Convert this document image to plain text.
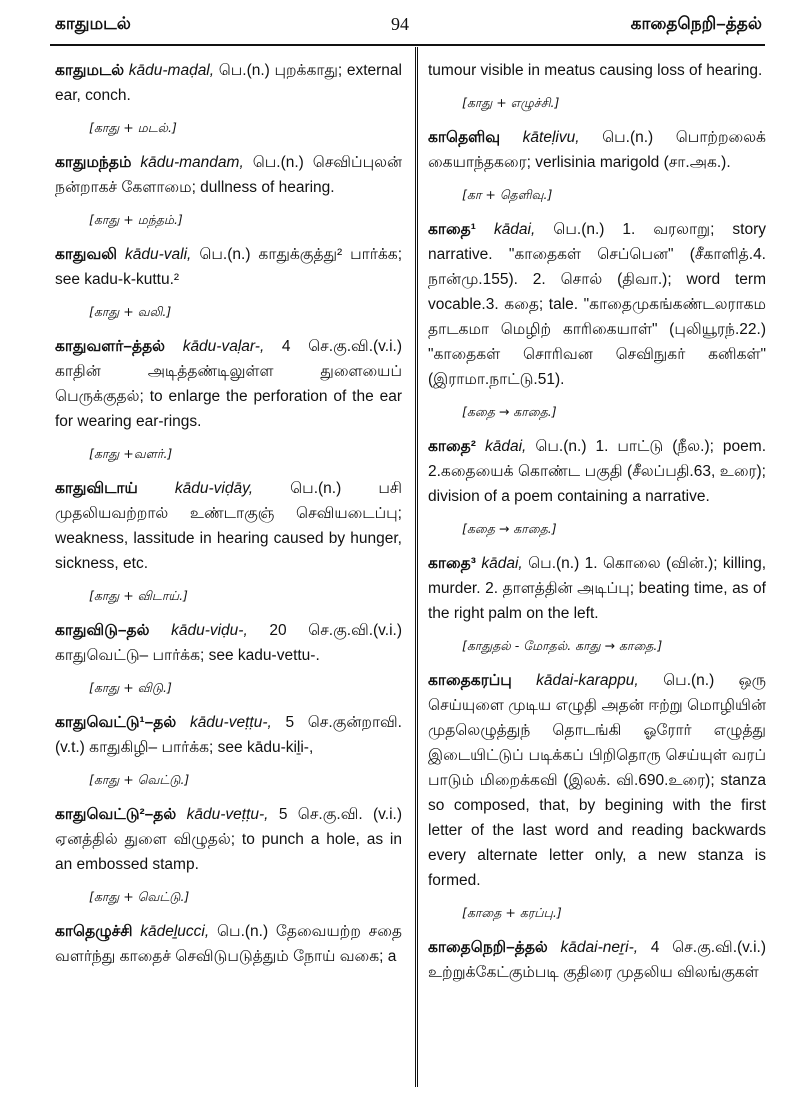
காதுமடல்	94	காதைநெறி–த்தல்
காதுமடல் kādu-maḍal, பெ.(n.) புறக்காது; external ear, conch.
[காது + மடல்.]
காதுமந்தம் kādu-mandam, பெ.(n.) செவிப்புலன் நன்றாகச் கேளாமை; dullness of hearing.
[காது + மந்தம்.]
காதுவலி kādu-vali, பெ.(n.) காதுக்குத்து² பார்க்க; see kadu-k-kuttu.²
[காது + வலி.]
காதுவளர்–த்தல் kādu-vaḷar-, 4 செ.கு.வி.(v.i.) காதின் அடித்தண்டிலுள்ள துளையைப் பெருக்குதல்; to enlarge the perforation of the ear for wearing ear-rings.
[காது +வளர்.]
காதுவிடாய் kādu-viḍāy, பெ.(n.) பசி முதலியவற்றால் உண்டாகுஞ் செவியடைப்பு; weakness, lassitude in hearing caused by hunger, sickness, etc.
[காது + விடாய்.]
காதுவிடு–தல் kādu-viḍu-, 20 செ.கு.வி.(v.i.) காதுவெட்டு– பார்க்க; see kadu-vettu-.
[காது + விடு.]
காதுவெட்டு¹–தல் kādu-veṭṭu-, 5 செ.குன்றாவி.(v.t.) காதுகிழி– பார்க்க; see kādu-kiḻi-,
[காது + வெட்டு.]
காதுவெட்டு²–தல் kādu-veṭṭu-, 5 செ.கு.வி. (v.i.) ஏனத்தில் துளை விழுதல்; to punch a hole, as in an embossed stamp.
[காது + வெட்டு.]
காதெழுச்சி kādeḻucci, பெ.(n.) தேவையற்ற சதை வளர்ந்து காதைச் செவிடுபடுத்தும் நோய் வகை; a
tumour visible in meatus causing loss of hearing.
[காது + எழுச்சி.]
காதெளிவு kāteḷivu, பெ.(n.) பொற்றலைக் கையாந்தகரை; verlisinia marigold (சா.அக.).
[கா + தெளிவு.]
காதை¹ kādai, பெ.(n.) 1. வரலாறு; story narrative. "காதைகள் செப்பென" (சீகாளித்.4. நான்மு.155). 2. சொல் (திவா.); word term vocable.3. கதை; tale. "காதைமுகங்கண்டலராகம தாடகமா மெழிற் காரிகையாள்" (புலியூரந்.22.) "காதைகள் சொரிவன செவிநுகர் கனிகள்" (இராமா.நாட்டு.51).
[கதை → காதை.]
காதை² kādai, பெ.(n.) 1. பாட்டு (நீல.); poem. 2.கதையைக் கொண்ட பகுதி (சீலப்பதி.63, உரை); division of a poem containing a narrative.
[கதை → காதை.]
காதை³ kādai, பெ.(n.) 1. கொலை (வின்.); killing, murder. 2. தாளத்தின் அடிப்பு; beating time, as of the right palm on the left.
[காதுதல் - மோதல். காது → காதை.]
காதைகரப்பு kādai-karappu, பெ.(n.) ஒரு செய்யுளை முடிய எழுதி அதன் ஈற்று மொழியின் முதலெழுத்துந் தொடங்கி ஓரோர் எழுத்து இடையிட்டுப் படிக்கப் பிறிதொரு செய்யுள் வரப் பாடும் மிறைக்கவி (இலக். வி.690.உரை); stanza so composed, that, by begining with the first letter of the last word and reading backwards every alternate letter only, a new stanza is formed.
[காதை + கரப்பு.]
காதைநெறி–த்தல் kādai-neṟi-, 4 செ.கு.வி.(v.i.) உற்றுக்கேட்கும்படி குதிரை முதலிய விலங்குகள்
